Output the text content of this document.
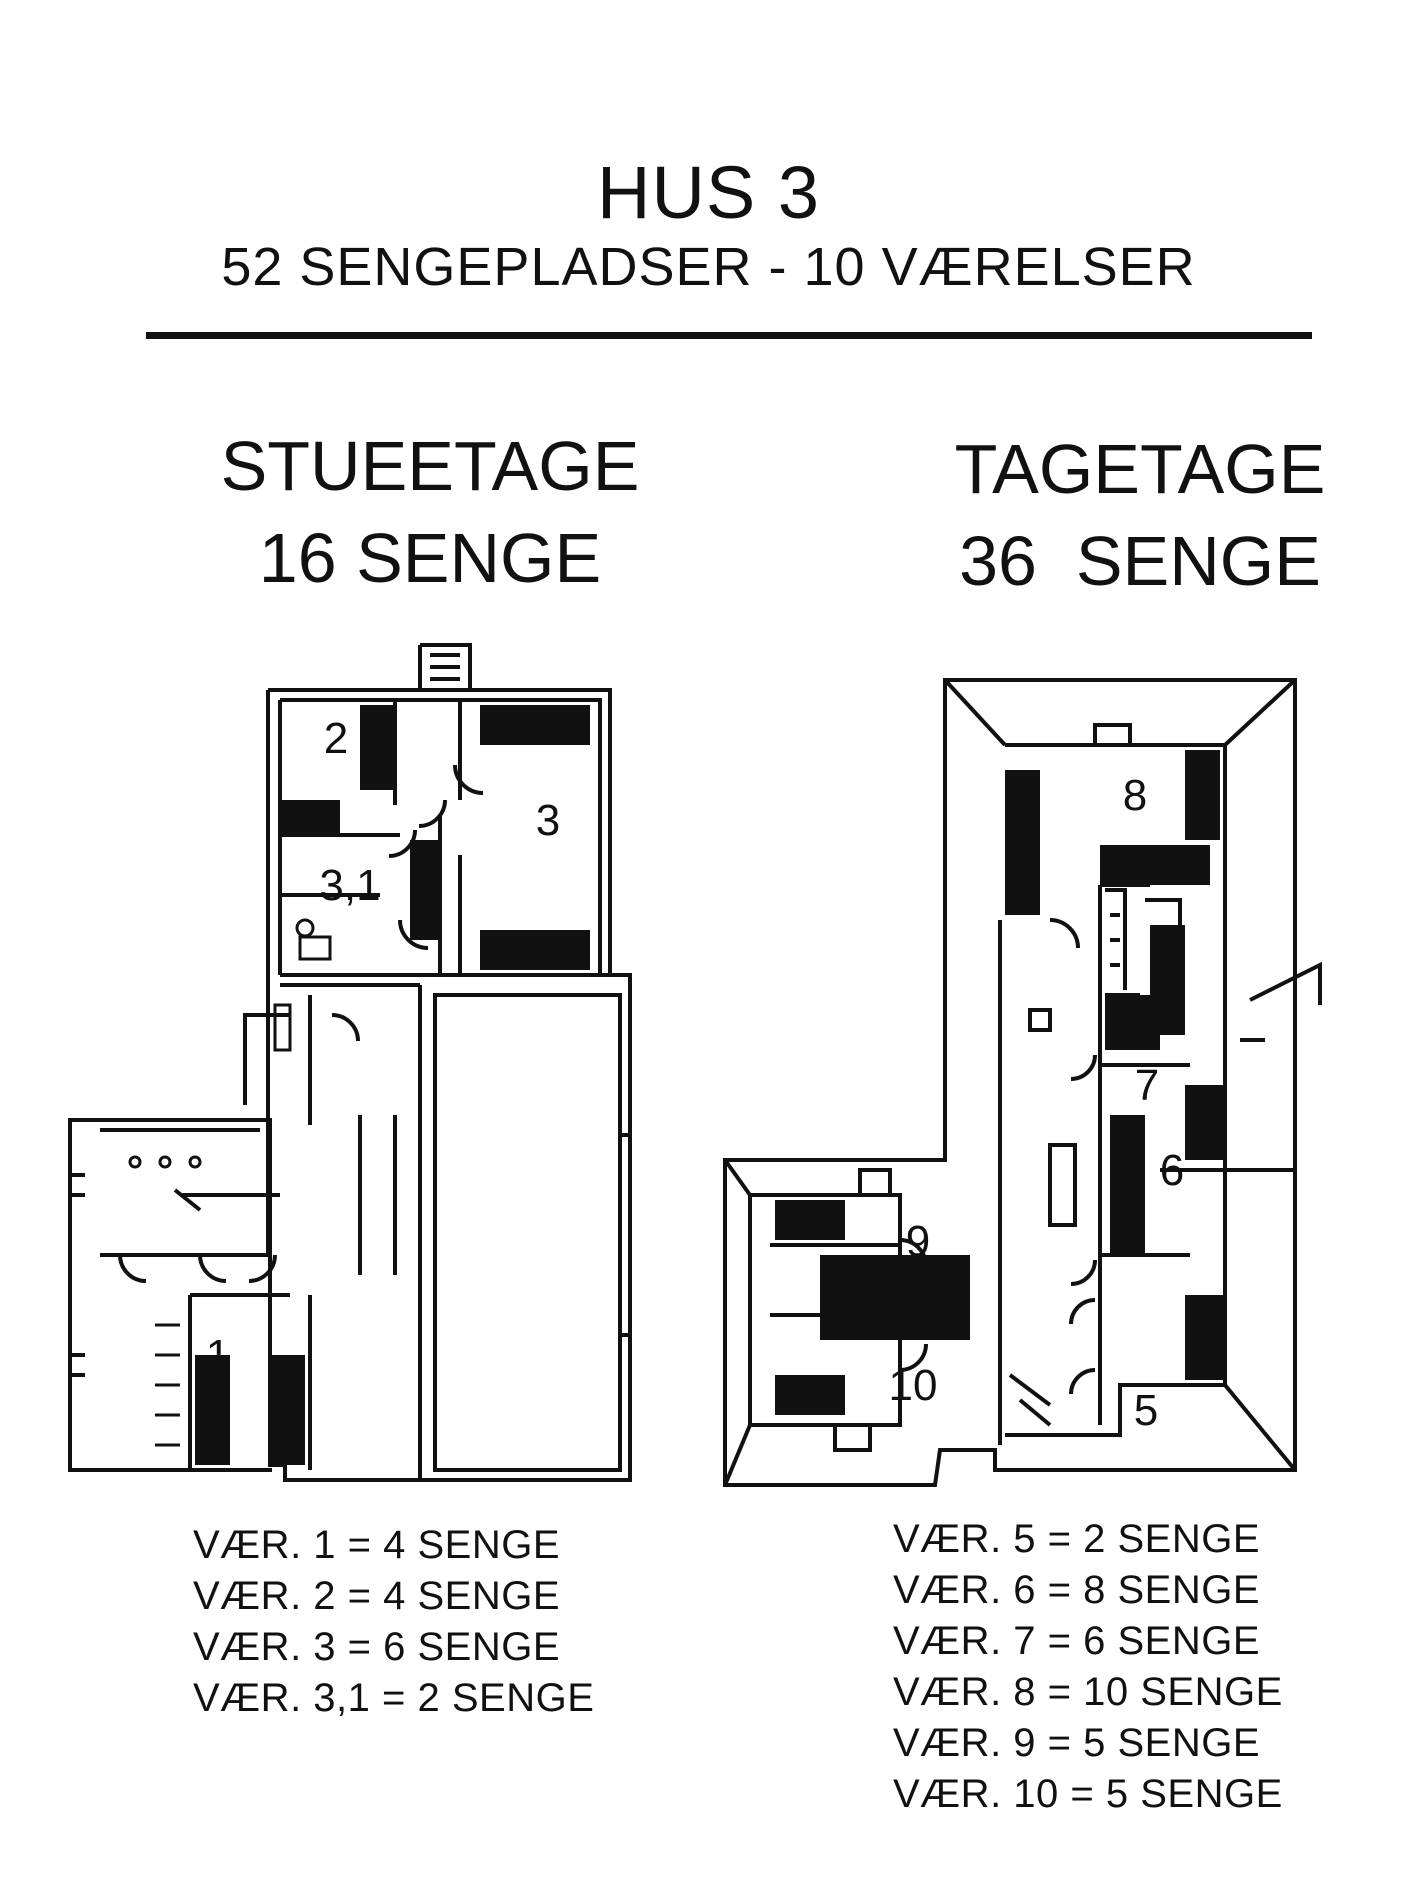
HUS 3
52 SENGEPLADSER - 10 VÆRELSER
STUEETAGE
16 SENGE
TAGETAGE
36  SENGE
2
3
3,1
1
8
7
6
9
10
5
VÆR. 1 = 4 SENGE
VÆR. 2 = 4 SENGE
VÆR. 3 = 6 SENGE
VÆR. 3,1 = 2 SENGE
VÆR. 5 = 2 SENGE
VÆR. 6 = 8 SENGE
VÆR. 7 = 6 SENGE
VÆR. 8 = 10 SENGE
VÆR. 9 = 5 SENGE
VÆR. 10 = 5 SENGE
